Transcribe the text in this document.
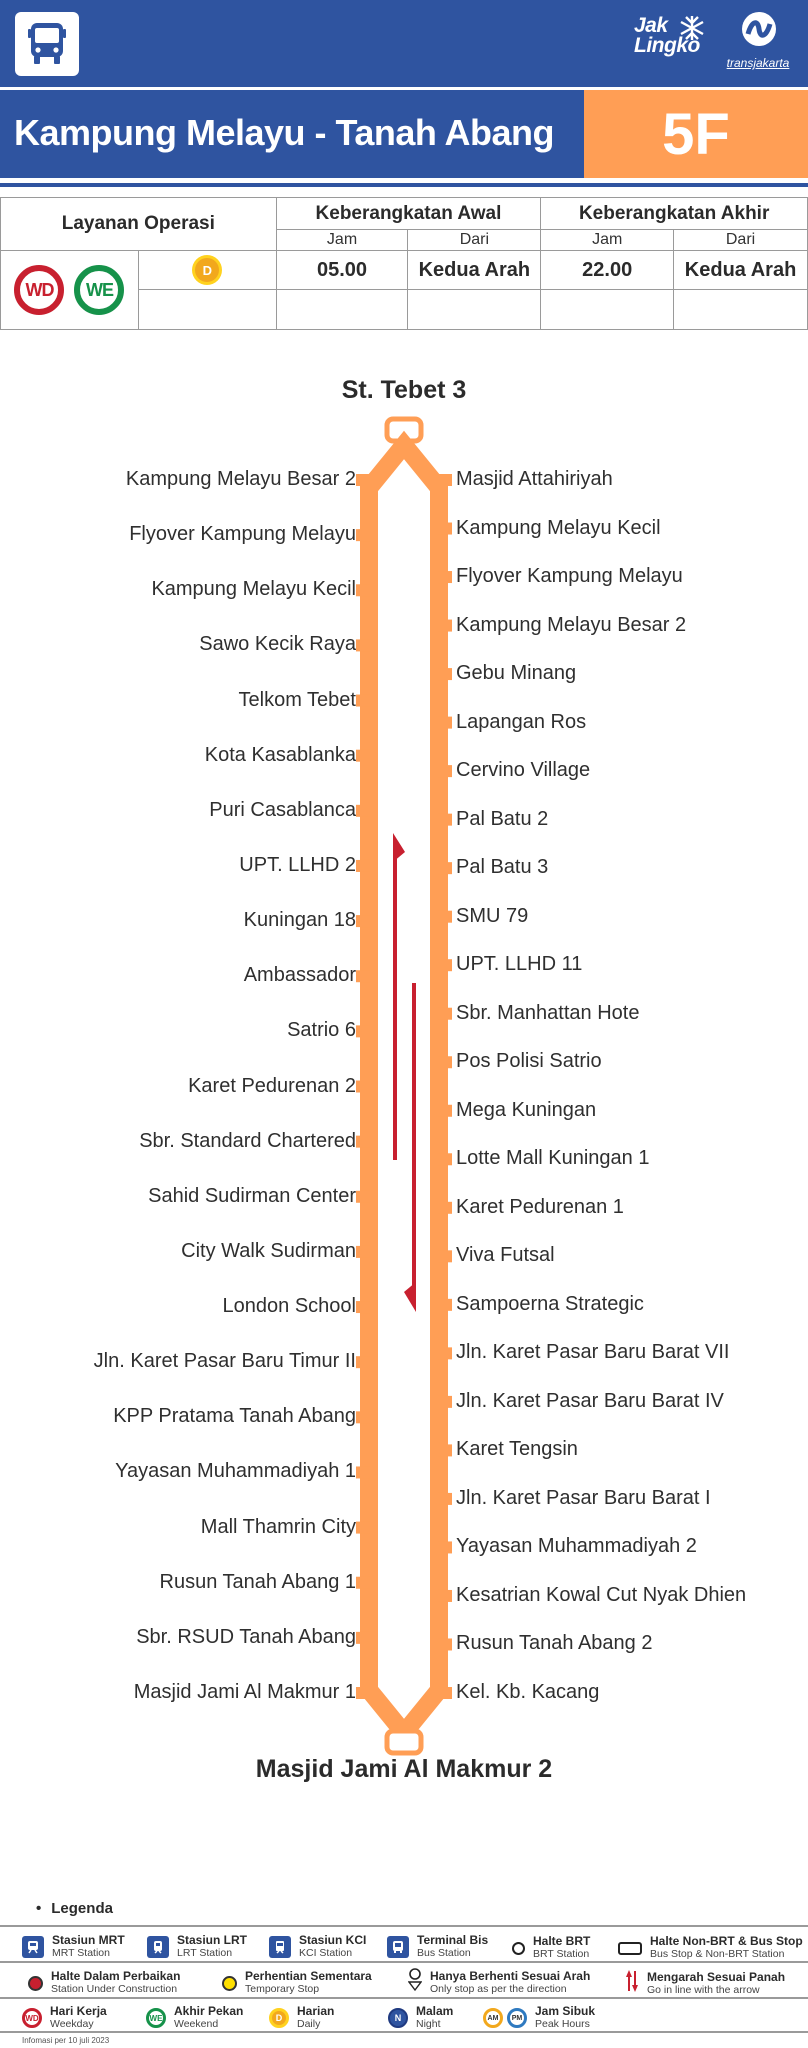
Jak
Lingko
transjakarta
Kampung Melayu - Tanah Abang 5F
Layanan Operasi		Keberangkatan Awal		Keberangkatan Akhir	
		Jam	Dari	Jam	Dari
WD WE	D	05.00	Kedua Arah	22.00	Kedua Arah

St. Tebet 3
Kampung Melayu Besar 2
Flyover Kampung Melayu
Kampung Melayu Kecil
Sawo Kecik Raya
Telkom Tebet
Kota Kasablanka
Puri Casablanca
UPT. LLHD 2
Kuningan 18
Ambassador
Satrio 6
Karet Pedurenan 2
Sbr. Standard Chartered
Sahid Sudirman Center
City Walk Sudirman
London School
Jln. Karet Pasar Baru Timur II
KPP Pratama Tanah Abang
Yayasan Muhammadiyah 1
Mall Thamrin City
Rusun Tanah Abang 1
Sbr. RSUD Tanah Abang
Masjid Jami Al Makmur 1
Masjid Attahiriyah
Kampung Melayu Kecil
Flyover Kampung Melayu
Kampung Melayu Besar 2
Gebu Minang
Lapangan Ros
Cervino Village
Pal Batu 2
Pal Batu 3
SMU 79
UPT. LLHD 11
Sbr. Manhattan Hote
Pos Polisi Satrio
Mega Kuningan
Lotte Mall Kuningan 1
Karet Pedurenan 1
Viva Futsal
Sampoerna Strategic
Jln. Karet Pasar Baru Barat VII
Jln. Karet Pasar Baru Barat IV
Karet Tengsin
Jln. Karet Pasar Baru Barat I
Yayasan Muhammadiyah 2
Kesatrian Kowal Cut Nyak Dhien
Rusun Tanah Abang 2
Kel. Kb. Kacang
Masjid Jami Al Makmur 2
• Legenda
Stasiun MRT
MRT Station
Stasiun LRT
LRT Station
Stasiun KCI
KCI Station
Terminal Bis
Bus Station
Halte BRT
BRT Station
Halte Non-BRT & Bus Stop
Bus Stop & Non-BRT Station
Halte Dalam Perbaikan
Station Under Construction
Perhentian Sementara
Temporary Stop
Hanya Berhenti Sesuai Arah
Only stop as per the direction
Mengarah Sesuai Panah
Go in line with the arrow
WD Hari Kerja
Weekday	WE Akhir Pekan
Weekend	D	Harian
Daily	N	Malam
Night	AM	PM	Jam Sibuk
Peak Hours
Infomasi per 10 juli 2023
